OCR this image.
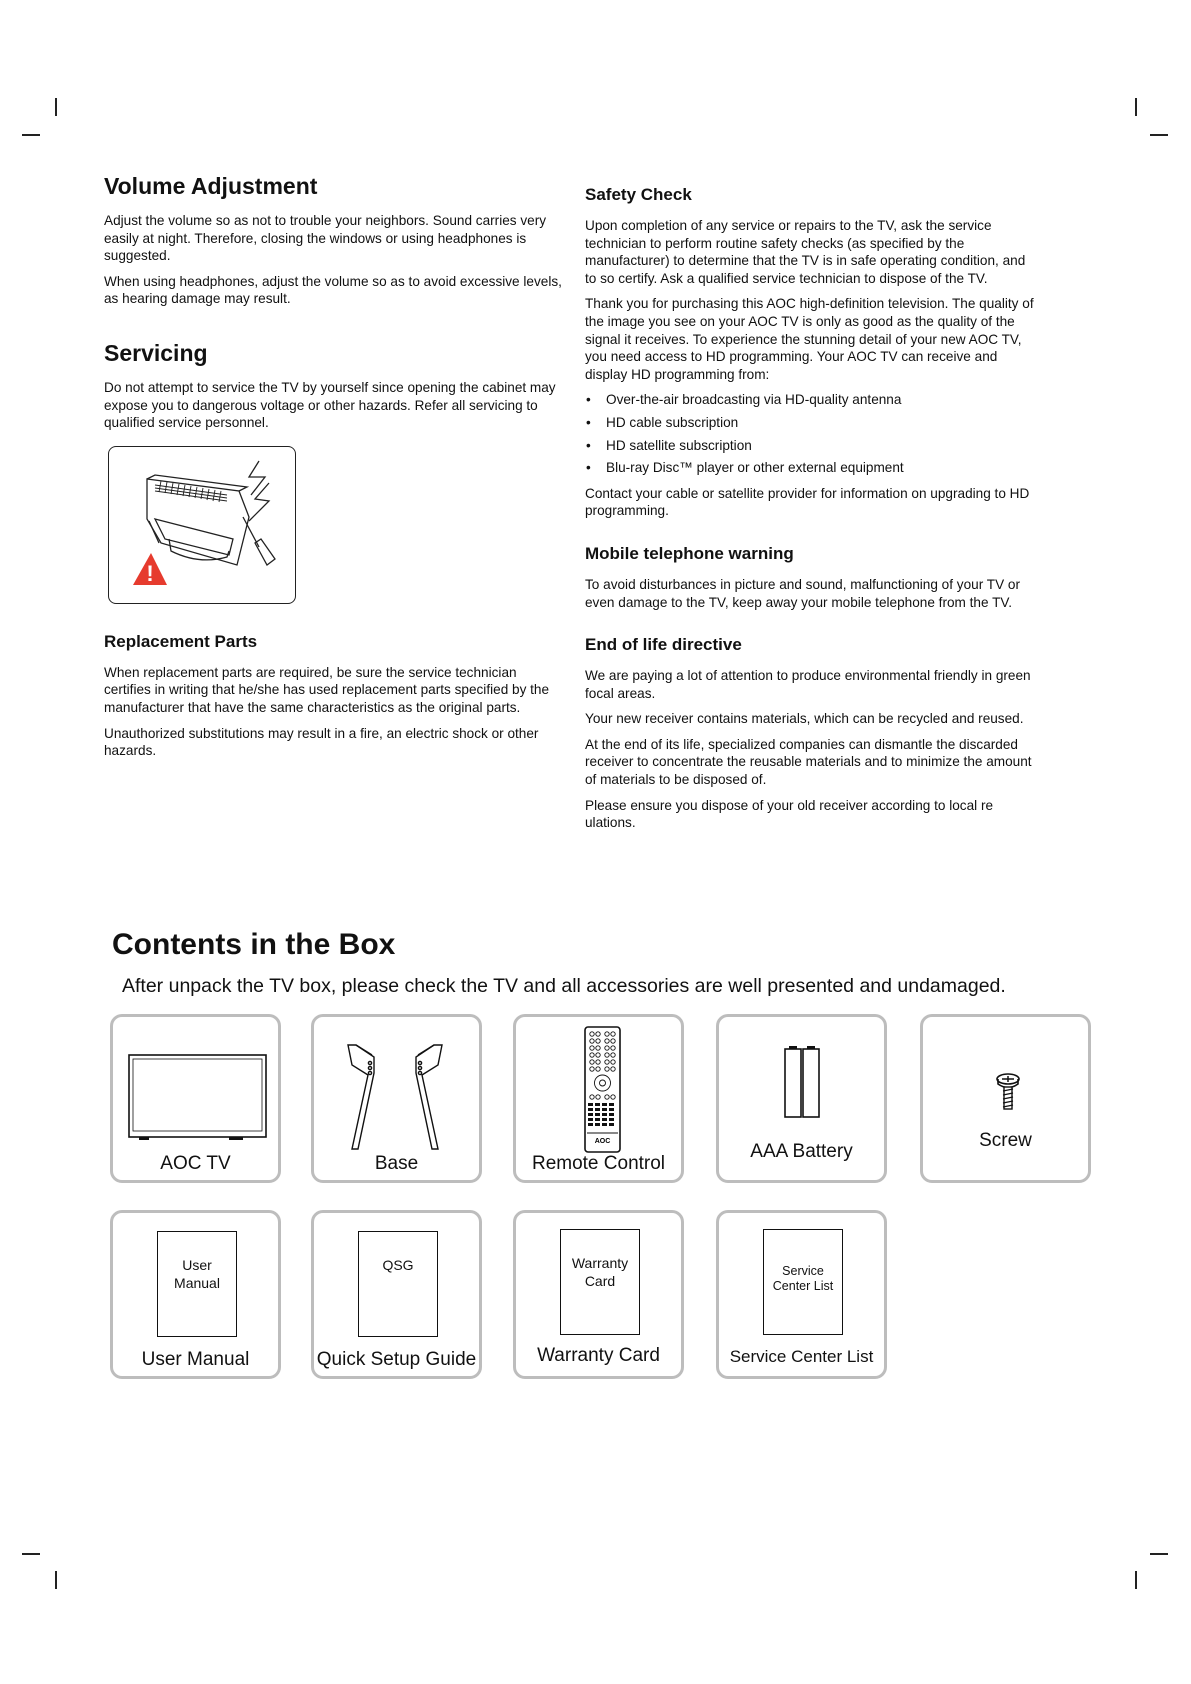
Volume Adjustment

Adjust the volume so as not to trouble your neighbors. Sound carries very easily at night. Therefore, closing the windows or using headphones is suggested.

When using headphones, adjust the volume so as to avoid excessive levels, as hearing damage may result.

Servicing

Do not attempt to service the TV by yourself since opening the cabinet may expose you to dangerous voltage or other hazards. Refer all servicing to qualified service personnel.

!
Replacement Parts

When replacement parts are required, be sure the service technician certifies in writing that he/she has used replacement parts specified by the manufacturer that have the same characteristics as the original parts.

Unauthorized substitutions may result in a fire, an electric shock or other hazards.

Safety Check

Upon completion of any service or repairs to the TV, ask the service technician to perform routine safety checks (as specified by the manufacturer) to determine that the TV is in safe operating condition, and to so certify. Ask a qualified service technician to dispose of the TV.

Thank you for purchasing this AOC high-definition television. The quality of the image you see on your AOC TV is only as good as the quality of the signal it receives. To experience the stunning detail of your new AOC TV, you need access to HD programming. Your AOC TV can receive and display HD programming from:

• Over-the-air broadcasting via HD-quality antenna
• HD cable subscription
• HD satellite subscription
• Blu-ray Disc™ player or other external equipment

Contact your cable or satellite provider for information on upgrading to HD programming.

Mobile telephone warning

To avoid disturbances in picture and sound, malfunctioning of your TV or even damage to the TV, keep away your mobile telephone from the TV.

End of life directive

We are paying a lot of attention to produce environmental friendly in green focal areas.

Your new receiver contains materials, which can be recycled and reused.

At the end of its life, specialized companies can dismantle the discarded receiver to concentrate the reusable materials and to minimize the amount of materials to be disposed of.

Please ensure you dispose of your old receiver according to local re ulations.

Contents in the Box

After unpack the TV box, please check the TV and all accessories are well presented and undamaged.

AOC TV	Base
AOC
Remote Control
AAA Battery
Screw
User
Manual
User Manual
QSG
Quick Setup Guide
Warranty
Card
Warranty Card
Service
Center List
Service Center List
